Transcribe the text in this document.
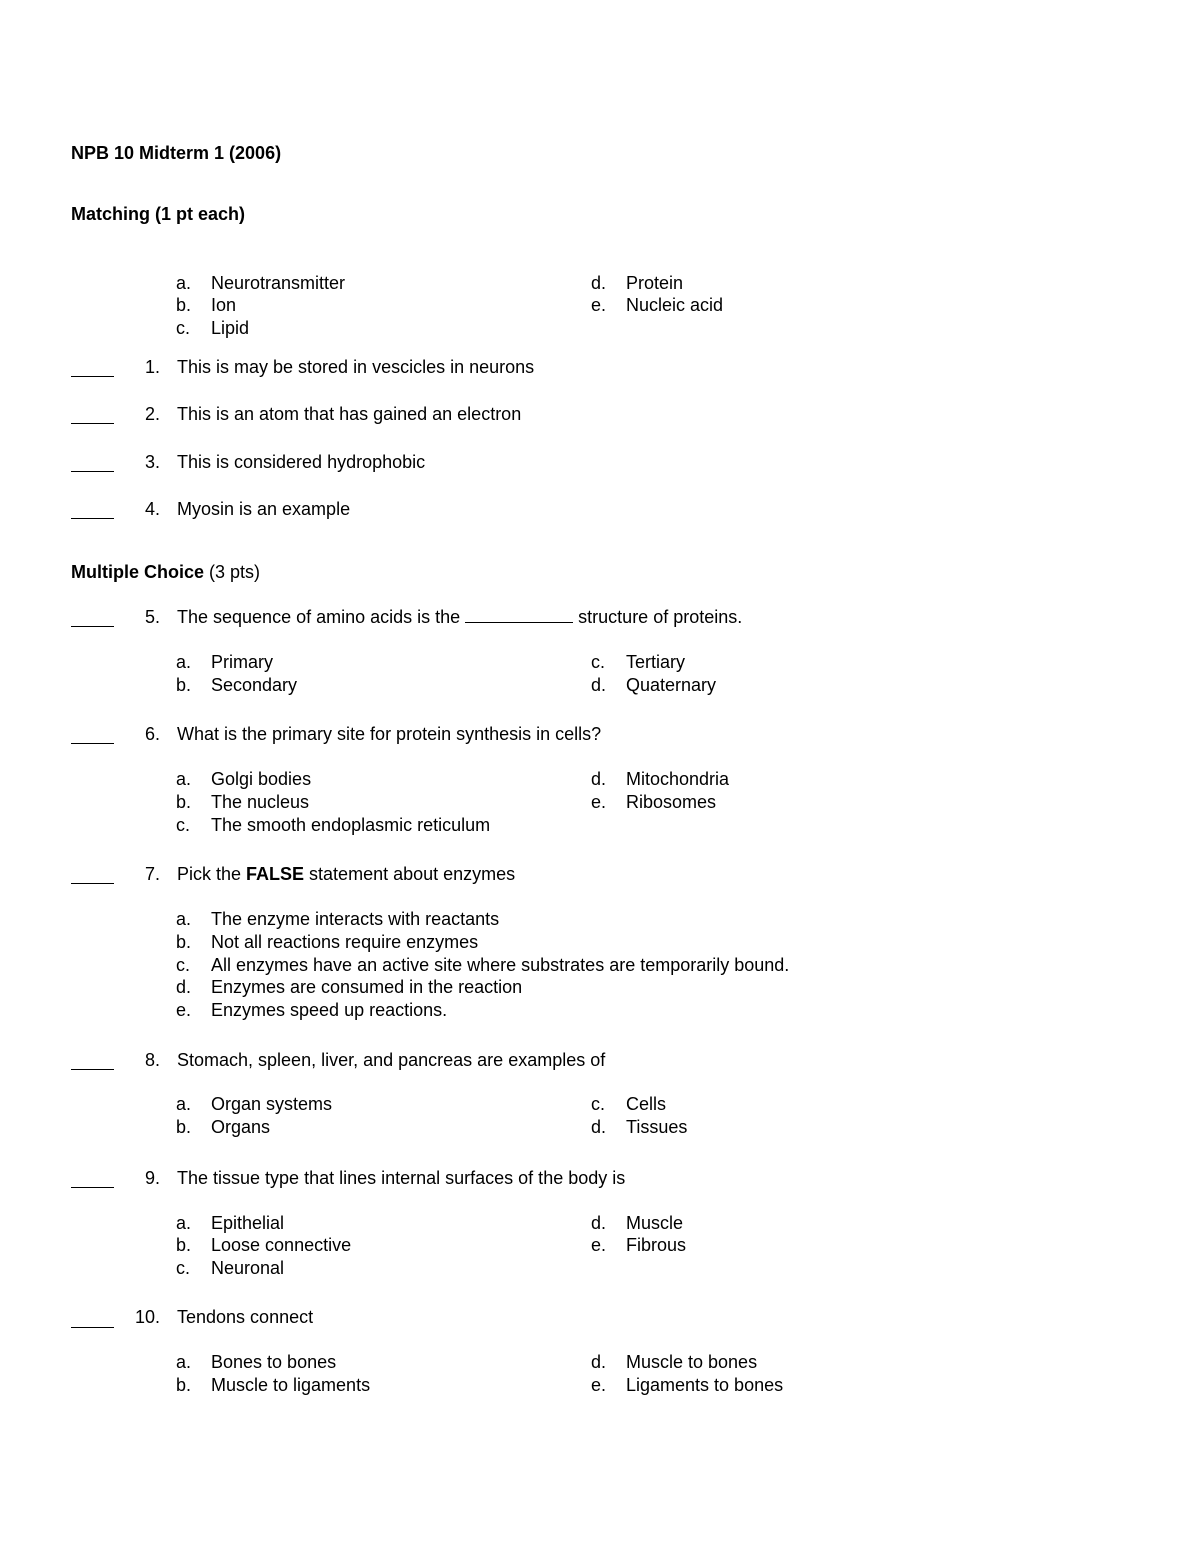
NPB 10 Midterm 1 (2006)
Matching (1 pt each)
a. Neurotransmitter
b. Ion
c. Lipid
d. Protein
e. Nucleic acid
1. This is may be stored in vescicles in neurons
2. This is an atom that has gained an electron
3. This is considered hydrophobic
4. Myosin is an example
Multiple Choice (3 pts)
5. The sequence of amino acids is the	structure of proteins.
a. Primary
b. Secondary
c. Tertiary
d. Quaternary
6. What is the primary site for protein synthesis in cells?
a. Golgi bodies
b. The nucleus
c. The smooth endoplasmic reticulum
d. Mitochondria
e. Ribosomes
7. Pick the FALSE statement about enzymes
a. The enzyme interacts with reactants
b. Not all reactions require enzymes
c. All enzymes have an active site where substrates are temporarily bound.
d. Enzymes are consumed in the reaction
e. Enzymes speed up reactions.
8. Stomach, spleen, liver, and pancreas are examples of
a. Organ systems
b. Organs
c. Cells
d. Tissues
9. The tissue type that lines internal surfaces of the body is
a. Epithelial
b. Loose connective
c. Neuronal
d. Muscle
e. Fibrous
10. Tendons connect
a. Bones to bones
b. Muscle to ligaments
d. Muscle to bones
e. Ligaments to bones
